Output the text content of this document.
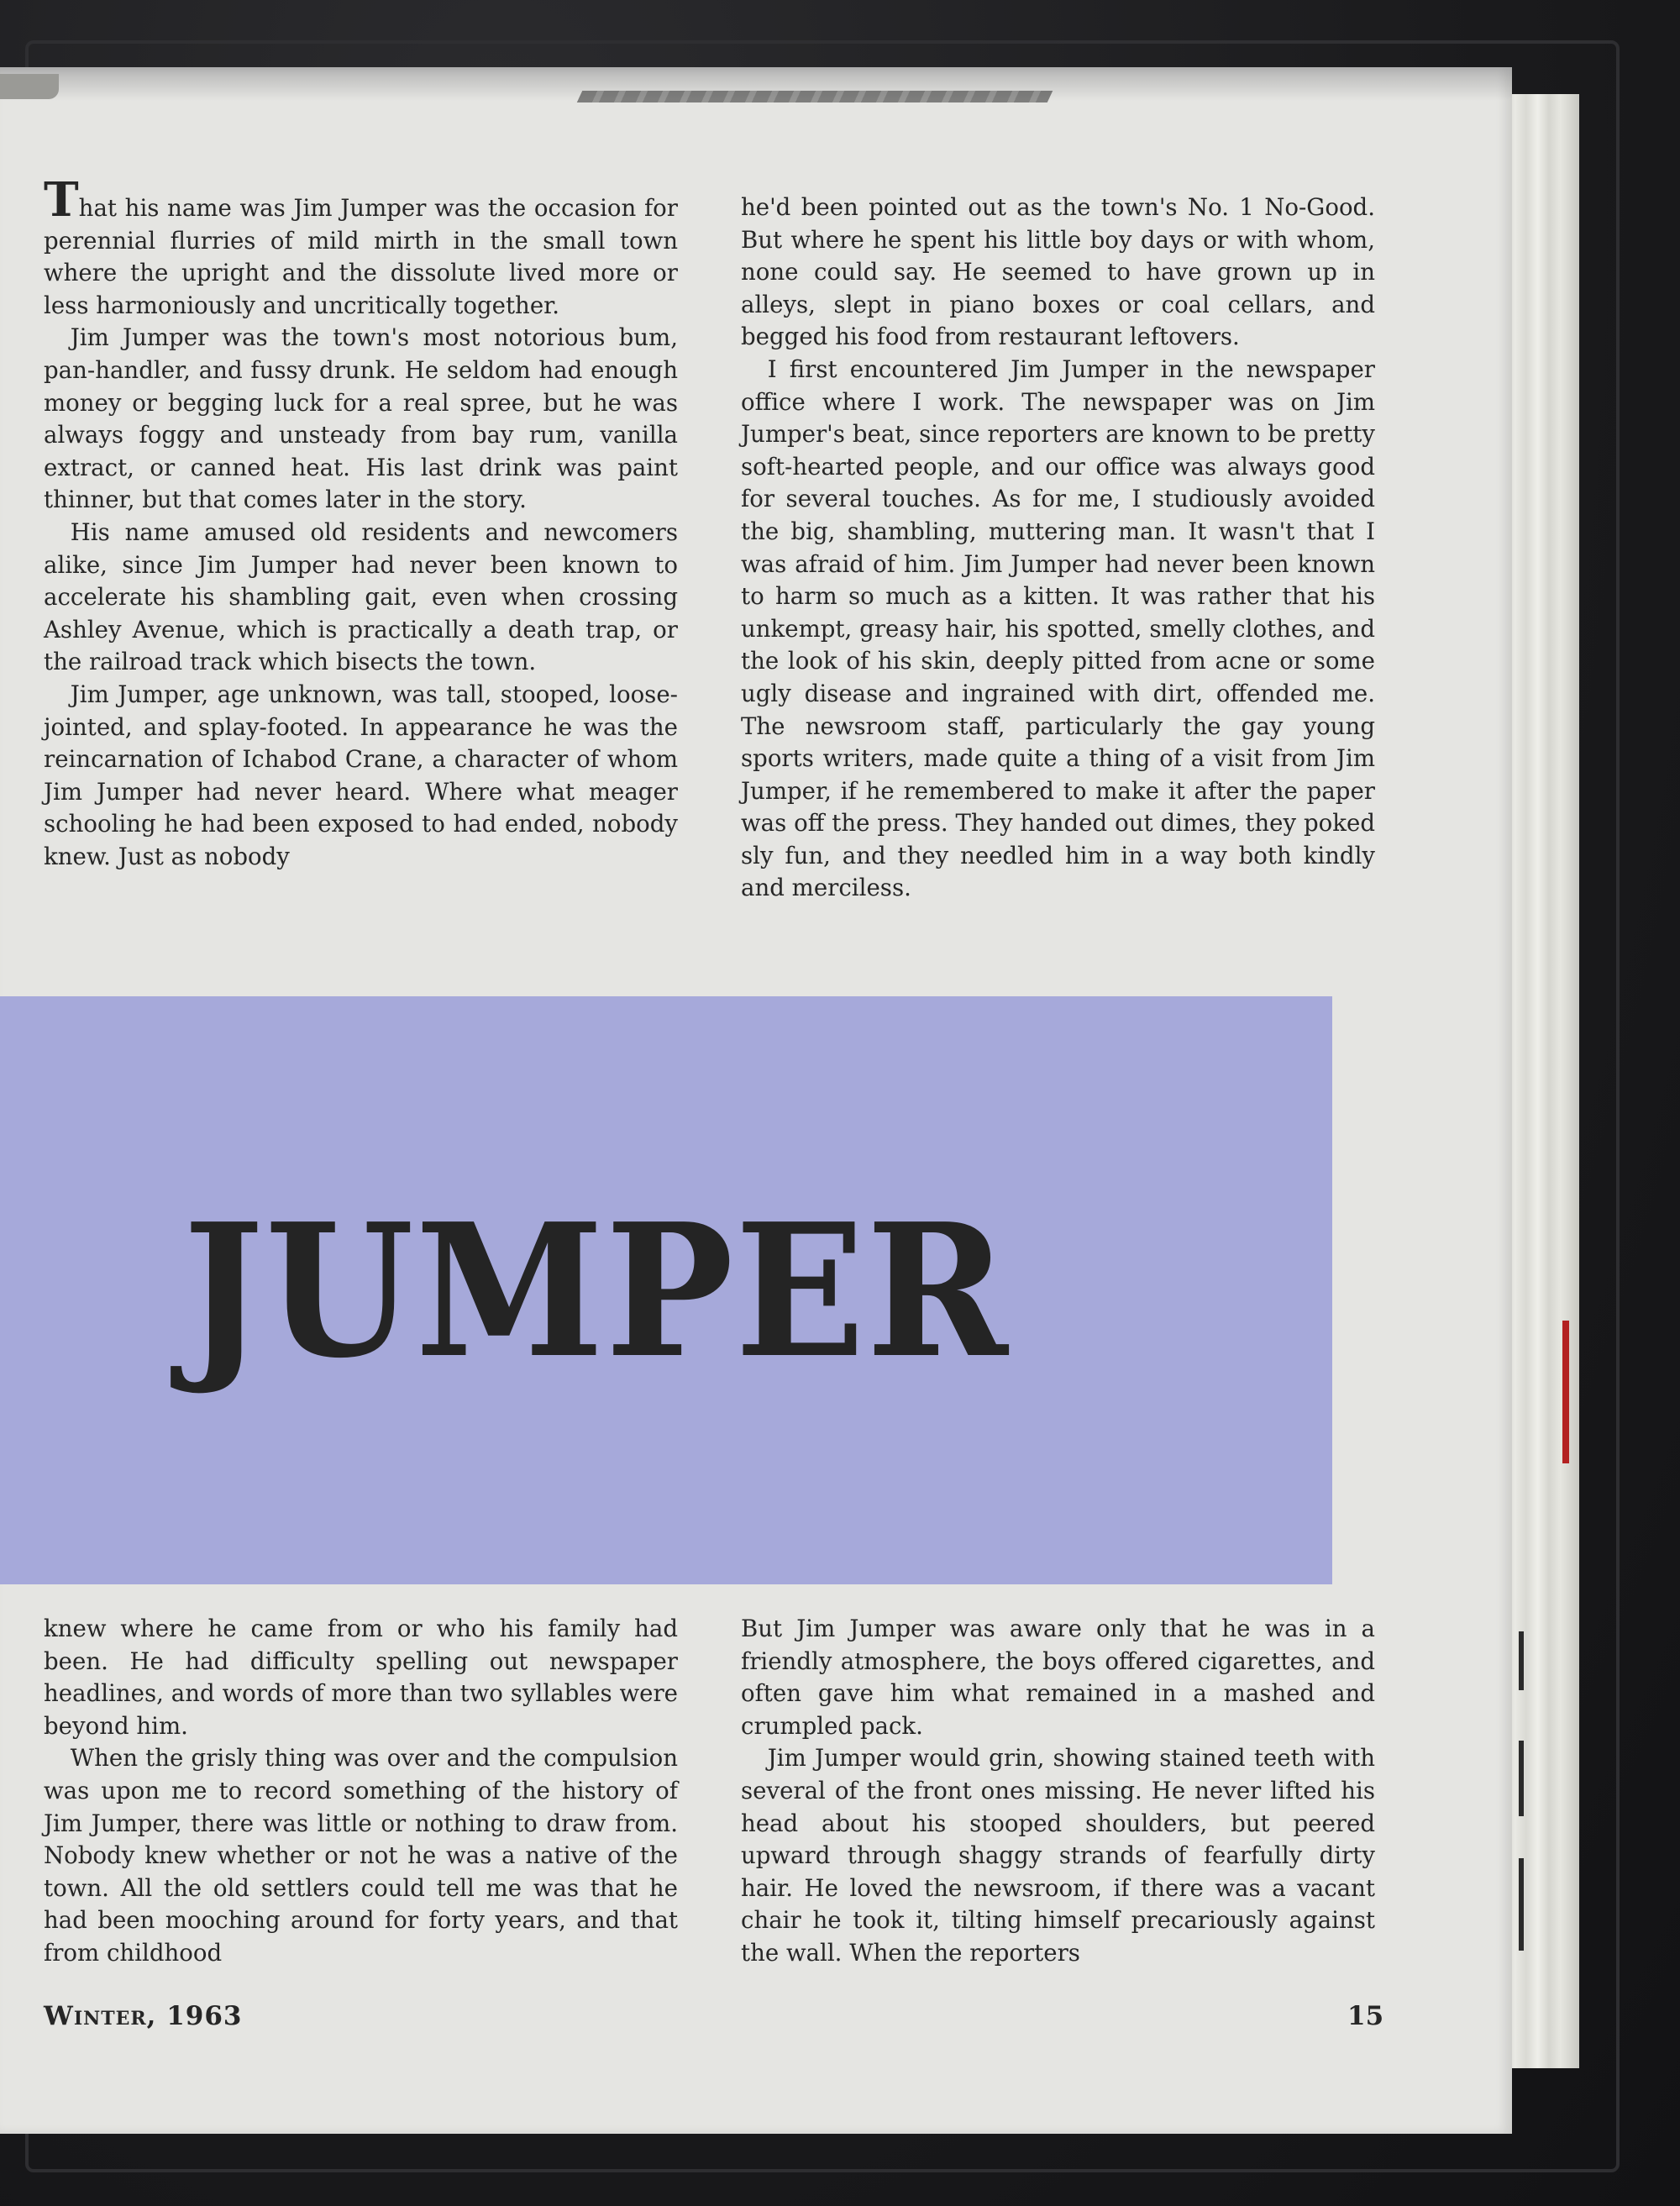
That his name was Jim Jumper was the occasion for perennial flurries of mild mirth in the small town where the upright and the dissolute lived more or less harmoniously and uncritically together.

Jim Jumper was the town's most notorious bum, pan-handler, and fussy drunk. He seldom had enough money or begging luck for a real spree, but he was always foggy and unsteady from bay rum, vanilla extract, or canned heat. His last drink was paint thinner, but that comes later in the story.

His name amused old residents and newcomers alike, since Jim Jumper had never been known to accelerate his shambling gait, even when crossing Ashley Avenue, which is practically a death trap, or the railroad track which bisects the town.

Jim Jumper, age unknown, was tall, stooped, loose-jointed, and splay-footed. In appearance he was the reincarnation of Ichabod Crane, a character of whom Jim Jumper had never heard. Where what meager schooling he had been exposed to had ended, nobody knew. Just as nobody

he'd been pointed out as the town's No. 1 No-Good. But where he spent his little boy days or with whom, none could say. He seemed to have grown up in alleys, slept in piano boxes or coal cellars, and begged his food from restaurant leftovers.

I first encountered Jim Jumper in the newspaper office where I work. The newspaper was on Jim Jumper's beat, since reporters are known to be pretty soft-hearted people, and our office was always good for several touches. As for me, I studiously avoided the big, shambling, muttering man. It wasn't that I was afraid of him. Jim Jumper had never been known to harm so much as a kitten. It was rather that his unkempt, greasy hair, his spotted, smelly clothes, and the look of his skin, deeply pitted from acne or some ugly disease and ingrained with dirt, offended me. The newsroom staff, particularly the gay young sports writers, made quite a thing of a visit from Jim Jumper, if he remembered to make it after the paper was off the press. They handed out dimes, they poked sly fun, and they needled him in a way both kindly and merciless.

JUMPER

knew where he came from or who his family had been. He had difficulty spelling out newspaper headlines, and words of more than two syllables were beyond him.

When the grisly thing was over and the compulsion was upon me to record something of the history of Jim Jumper, there was little or nothing to draw from. Nobody knew whether or not he was a native of the town. All the old settlers could tell me was that he had been mooching around for forty years, and that from childhood

But Jim Jumper was aware only that he was in a friendly atmosphere, the boys offered cigarettes, and often gave him what remained in a mashed and crumpled pack.

Jim Jumper would grin, showing stained teeth with several of the front ones missing. He never lifted his head about his stooped shoulders, but peered upward through shaggy strands of fearfully dirty hair. He loved the newsroom, if there was a vacant chair he took it, tilting himself precariously against the wall. When the reporters

Winter, 1963	15
